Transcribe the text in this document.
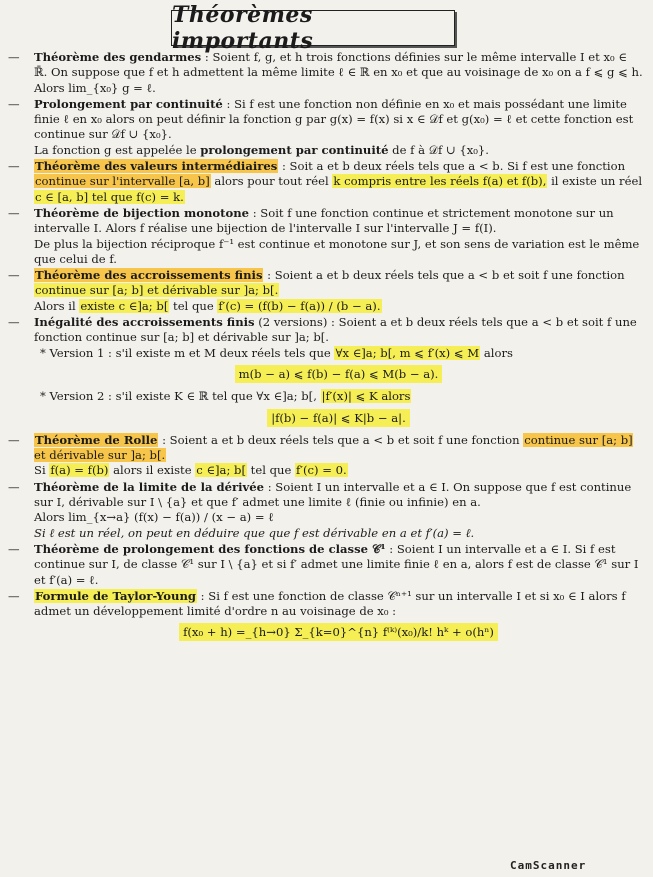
Théorèmes importants
—	Théorème des gendarmes : Soient f, g, et h trois fonctions définies sur le même intervalle I et x₀ ∈ ℝ̄. On suppose que f et h admettent la même limite ℓ ∈ ℝ en x₀ et que au voisinage de x₀ on a f ⩽ g ⩽ h. Alors lim_{x₀} g = ℓ.
—	Prolongement par continuité : Si f est une fonction non définie en x₀ et mais possédant une limite finie ℓ en x₀ alors on peut définir la fonction g par g(x) = f(x) si x ∈ 𝒟f et g(x₀) = ℓ et cette fonction est continue sur 𝒟f ∪ {x₀}.
La fonction g est appelée le prolongement par continuité de f à 𝒟f ∪ {x₀}.
—	Théorème des valeurs intermédiaires : Soit a et b deux réels tels que a < b. Si f est une fonction continue sur l'intervalle [a, b] alors pour tout réel k compris entre les réels f(a) et f(b), il existe un réel c ∈ [a, b] tel que f(c) = k.
—	Théorème de bijection monotone : Soit f une fonction continue et strictement monotone sur un intervalle I. Alors f réalise une bijection de l'intervalle I sur l'intervalle J = f(I).
De plus la bijection réciproque f⁻¹ est continue et monotone sur J, et son sens de variation est le même que celui de f.
—	Théorème des accroissements finis : Soient a et b deux réels tels que a < b et soit f une fonction continue sur [a; b] et dérivable sur ]a; b[.
Alors il existe c ∈]a; b[ tel que f′(c) = (f(b) − f(a)) / (b − a).
—	Inégalité des accroissements finis (2 versions) : Soient a et b deux réels tels que a < b et soit f une fonction continue sur [a; b] et dérivable sur ]a; b[.
* Version 1 : s'il existe m et M deux réels tels que ∀x ∈]a; b[, m ⩽ f′(x) ⩽ M alors
m(b − a) ⩽ f(b) − f(a) ⩽ M(b − a).
* Version 2 : s'il existe K ∈ ℝ tel que ∀x ∈]a; b[, |f′(x)| ⩽ K alors
|f(b) − f(a)| ⩽ K|b − a|.
—	Théorème de Rolle : Soient a et b deux réels tels que a < b et soit f une fonction continue sur [a; b] et dérivable sur ]a; b[.
Si f(a) = f(b) alors il existe c ∈]a; b[ tel que f′(c) = 0.
—	Théorème de la limite de la dérivée : Soient I un intervalle et a ∈ I. On suppose que f est continue sur I, dérivable sur I \ {a} et que f′ admet une limite ℓ (finie ou infinie) en a.
Alors lim_{x→a} (f(x) − f(a)) / (x − a) = ℓ
Si ℓ est un réel, on peut en déduire que que f est dérivable en a et f′(a) = ℓ.
—	Théorème de prolongement des fonctions de classe 𝒞¹ : Soient I un intervalle et a ∈ I. Si f est continue sur I, de classe 𝒞¹ sur I \ {a} et si f′ admet une limite finie ℓ en a, alors f est de classe 𝒞¹ sur I et f′(a) = ℓ.
—	Formule de Taylor-Young : Si f est une fonction de classe 𝒞ⁿ⁺¹ sur un intervalle I et si x₀ ∈ I alors f admet un développement limité d'ordre n au voisinage de x₀ :
f(x₀ + h) =_{h→0} Σ_{k=0}^{n} f⁽ᵏ⁾(x₀)/k! hᵏ + o(hⁿ)
CamScanner
